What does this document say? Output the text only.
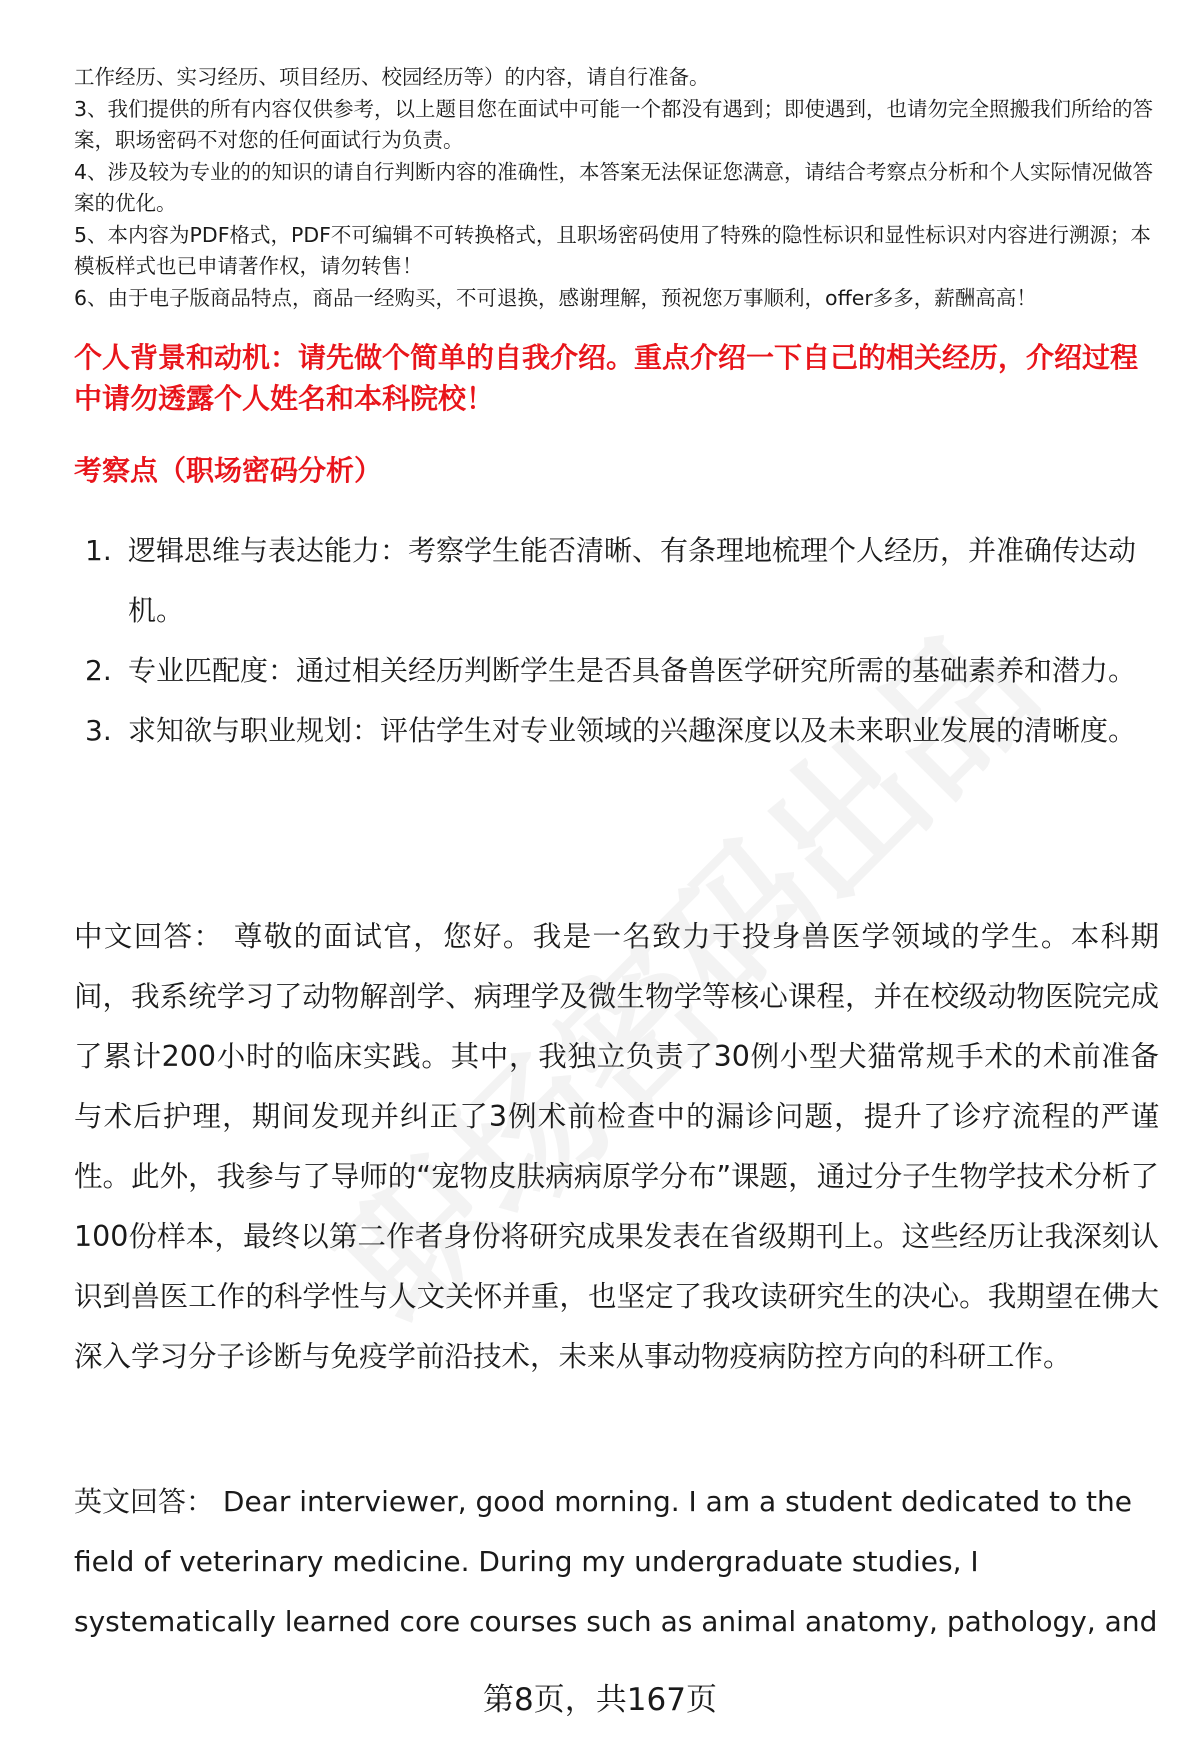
工作经历、实习经历、项目经历、校园经历等）的内容，请自行准备。

3、我们提供的所有内容仅供参考，以上题目您在面试中可能一个都没有遇到；即使遇到，也请勿完全照搬我们所给的答案，职场密码不对您的任何面试行为负责。

4、涉及较为专业的的知识的请自行判断内容的准确性，本答案无法保证您满意，请结合考察点分析和个人实际情况做答案的优化。

5、本内容为PDF格式，PDF不可编辑不可转换格式，且职场密码使用了特殊的隐性标识和显性标识对内容进行溯源；本模板样式也已申请著作权，请勿转售！

6、由于电子版商品特点，商品一经购买，不可退换，感谢理解，预祝您万事顺利，offer多多，薪酬高高！

个人背景和动机：请先做个简单的自我介绍。重点介绍一下自己的相关经历，介绍过程中请勿透露个人姓名和本科院校！

考察点（职场密码分析）

1. 逻辑思维与表达能力：考察学生能否清晰、有条理地梳理个人经历，并准确传达动机。
2. 专业匹配度：通过相关经历判断学生是否具备兽医学研究所需的基础素养和潜力。
3. 求知欲与职业规划：评估学生对专业领域的兴趣深度以及未来职业发展的清晰度。

中文回答： 尊敬的面试官，您好。我是一名致力于投身兽医学领域的学生。本科期间，我系统学习了动物解剖学、病理学及微生物学等核心课程，并在校级动物医院完成了累计200小时的临床实践。其中，我独立负责了30例小型犬猫常规手术的术前准备与术后护理，期间发现并纠正了3例术前检查中的漏诊问题，提升了诊疗流程的严谨性。此外，我参与了导师的“宠物皮肤病病原学分布”课题，通过分子生物学技术分析了100份样本，最终以第二作者身份将研究成果发表在省级期刊上。这些经历让我深刻认识到兽医工作的科学性与人文关怀并重，也坚定了我攻读研究生的决心。我期望在佛大深入学习分子诊断与免疫学前沿技术，未来从事动物疫病防控方向的科研工作。

英文回答： Dear interviewer, good morning. I am a student dedicated to the field of veterinary medicine. During my undergraduate studies, I systematically learned core courses such as animal anatomy, pathology, and

第8页，共167页
